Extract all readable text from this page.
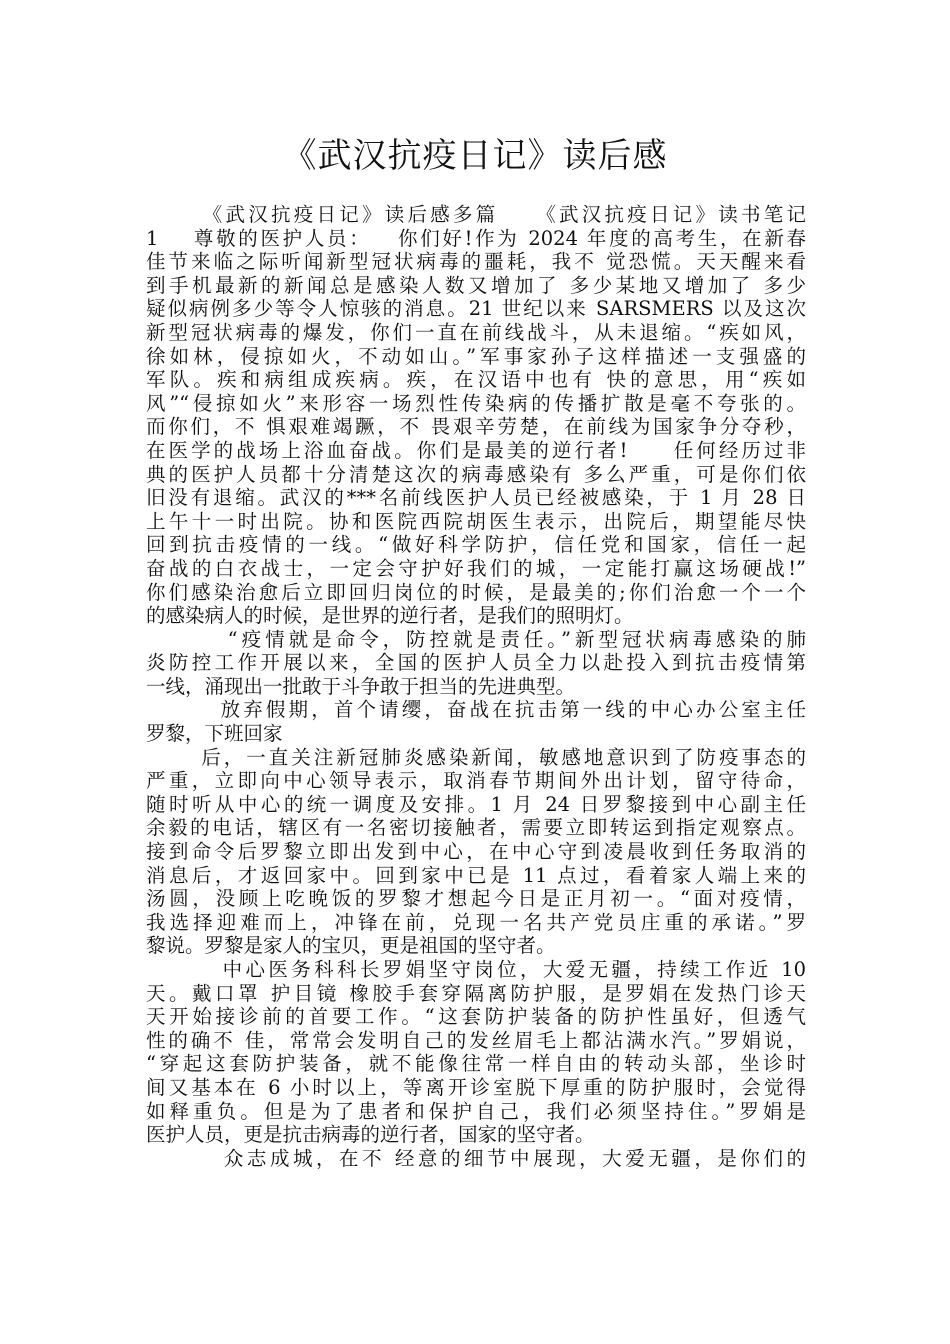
《武汉抗疫日记》读后感
《武汉抗疫日记》读后感多篇    《武汉抗疫日记》读书笔记
1    尊敬的医护人员：   你们好!作为 2024 年度的高考生，在新春
佳节来临之际听闻新型冠状病毒的噩耗，我不 觉恐慌。天天醒来看
到手机最新的新闻总是感染人数又增加了 多少某地又增加了 多少
疑似病例多少等令人惊骇的消息。21 世纪以来 SARSMERS 以及这次
新型冠状病毒的爆发，你们一直在前线战斗，从未退缩。“疾如风，
徐如林，侵掠如火，不动如山。”军事家孙子这样描述一支强盛的
军队。疾和病组成疾病。疾，在汉语中也有 快的意思，用“疾如
风”“侵掠如火”来形容一场烈性传染病的传播扩散是毫不夸张的。
而你们，不 惧艰难竭蹶，不 畏艰辛劳楚，在前线为国家争分夺秒，
在医学的战场上浴血奋战。你们是最美的逆行者!     任何经历过非
典的医护人员都十分清楚这次的病毒感染有 多么严重，可是你们依
旧没有退缩。武汉的***名前线医护人员已经被感染，于 1 月 28 日
上午十一时出院。协和医院西院胡医生表示，出院后，期望能尽快
回到抗击疫情的一线。“做好科学防护，信任党和国家，信任一起
奋战的白衣战士，一定会守护好我们的城，一定能打赢这场硬战!”
你们感染治愈后立即回归岗位的时候，是最美的;你们治愈一个一个
的感染病人的时候，是世界的逆行者，是我们的照明灯。
“疫情就是命令，防控就是责任。”新型冠状病毒感染的肺
炎防控工作开展以来，全国的医护人员全力以赴投入到抗击疫情第
一线，涌现出一批敢于斗争敢于担当的先进典型。
放弃假期，首个请缨，奋战在抗击第一线的中心办公室主任
罗黎，下班回家
后，一直关注新冠肺炎感染新闻，敏感地意识到了防疫事态的
严重，立即向中心领导表示，取消春节期间外出计划，留守待命，
随时听从中心的统一调度及安排。1 月 24 日罗黎接到中心副主任
余毅的电话，辖区有一名密切接触者，需要立即转运到指定观察点。
接到命令后罗黎立即出发到中心，在中心守到凌晨收到任务取消的
消息后，才返回家中。回到家中已是 11 点过，看着家人端上来的
汤圆，没顾上吃晚饭的罗黎才想起今日是正月初一。“面对疫情，
我选择迎难而上，冲锋在前，兑现一名共产党员庄重的承诺。”罗
黎说。罗黎是家人的宝贝，更是祖国的坚守者。
中心医务科科长罗娟坚守岗位，大爱无疆，持续工作近 10
天。戴口罩 护目镜 橡胶手套穿隔离防护服，是罗娟在发热门诊天
天开始接诊前的首要工作。“这套防护装备的防护性虽好，但透气
性的确不 佳，常常会发明自己的发丝眉毛上都沾满水汽。”罗娟说，
“穿起这套防护装备，就不能像往常一样自由的转动头部，坐诊时
间又基本在 6 小时以上，等离开诊室脱下厚重的防护服时，会觉得
如释重负。但是为了患者和保护自己，我们必须坚持住。”罗娟是
医护人员，更是抗击病毒的逆行者，国家的坚守者。
众志成城，在不 经意的细节中展现，大爱无疆，是你们的
